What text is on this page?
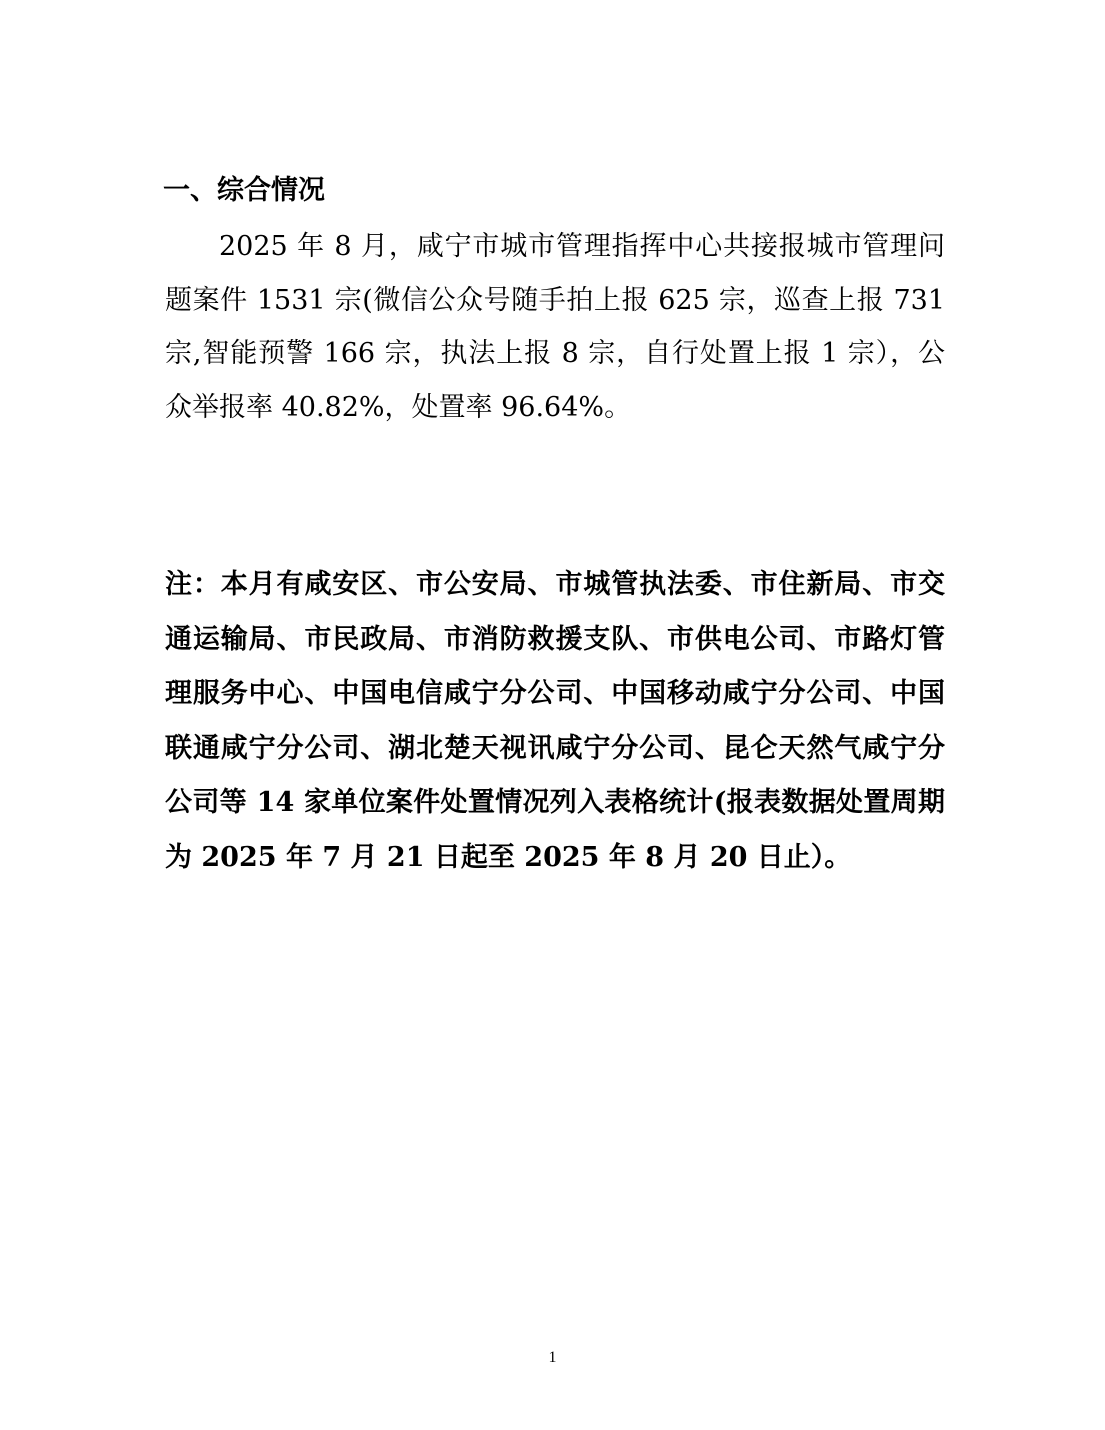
一、综合情况
2025 年 8 月，咸宁市城市管理指挥中心共接报城市管理问题案件 1531 宗(微信公众号随手拍上报 625 宗，巡查上报 731 宗,智能预警 166 宗，执法上报 8 宗，自行处置上报 1 宗），公众举报率 40.82%，处置率 96.64%。
注：本月有咸安区、市公安局、市城管执法委、市住新局、市交通运输局、市民政局、市消防救援支队、市供电公司、市路灯管理服务中心、中国电信咸宁分公司、中国移动咸宁分公司、中国联通咸宁分公司、湖北楚天视讯咸宁分公司、昆仑天然气咸宁分公司等 14 家单位案件处置情况列入表格统计(报表数据处置周期为 2025 年 7 月 21 日起至 2025 年 8 月 20 日止）。
1
